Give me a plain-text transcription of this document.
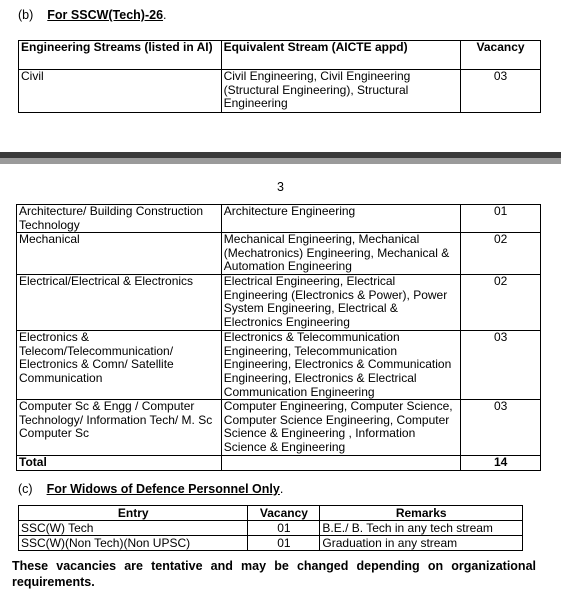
(b) For SSCW(Tech)-26.
Engineering Streams (listed in AI)	Equivalent Stream (AICTE appd)	Vacancy
Civil	Civil Engineering, Civil Engineering (Structural Engineering), Structural Engineering	03
3
Architecture/ Building Construction Technology	Architecture Engineering	01
Mechanical	Mechanical Engineering, Mechanical (Mechatronics) Engineering, Mechanical & Automation Engineering	02
Electrical/Electrical & Electronics	Electrical Engineering, Electrical Engineering (Electronics & Power), Power System Engineering, Electrical & Electronics Engineering	02
Electronics & Telecom/Telecommunication/ Electronics & Comn/ Satellite Communication	Electronics & Telecommunication Engineering, Telecommunication Engineering, Electronics & Communication Engineering, Electronics & Electrical Communication Engineering	03
Computer Sc & Engg / Computer Technology/ Information Tech/ M. Sc Computer Sc	Computer Engineering, Computer Science, Computer Science Engineering, Computer Science & Engineering , Information Science & Engineering	03
Total		14
(c) For Widows of Defence Personnel Only.
Entry	Vacancy	Remarks
SSC(W) Tech	01	B.E./ B. Tech in any tech stream
SSC(W)(Non Tech)(Non UPSC)	01	Graduation in any stream
These vacancies are tentative and may be changed depending on organizational requirements.
